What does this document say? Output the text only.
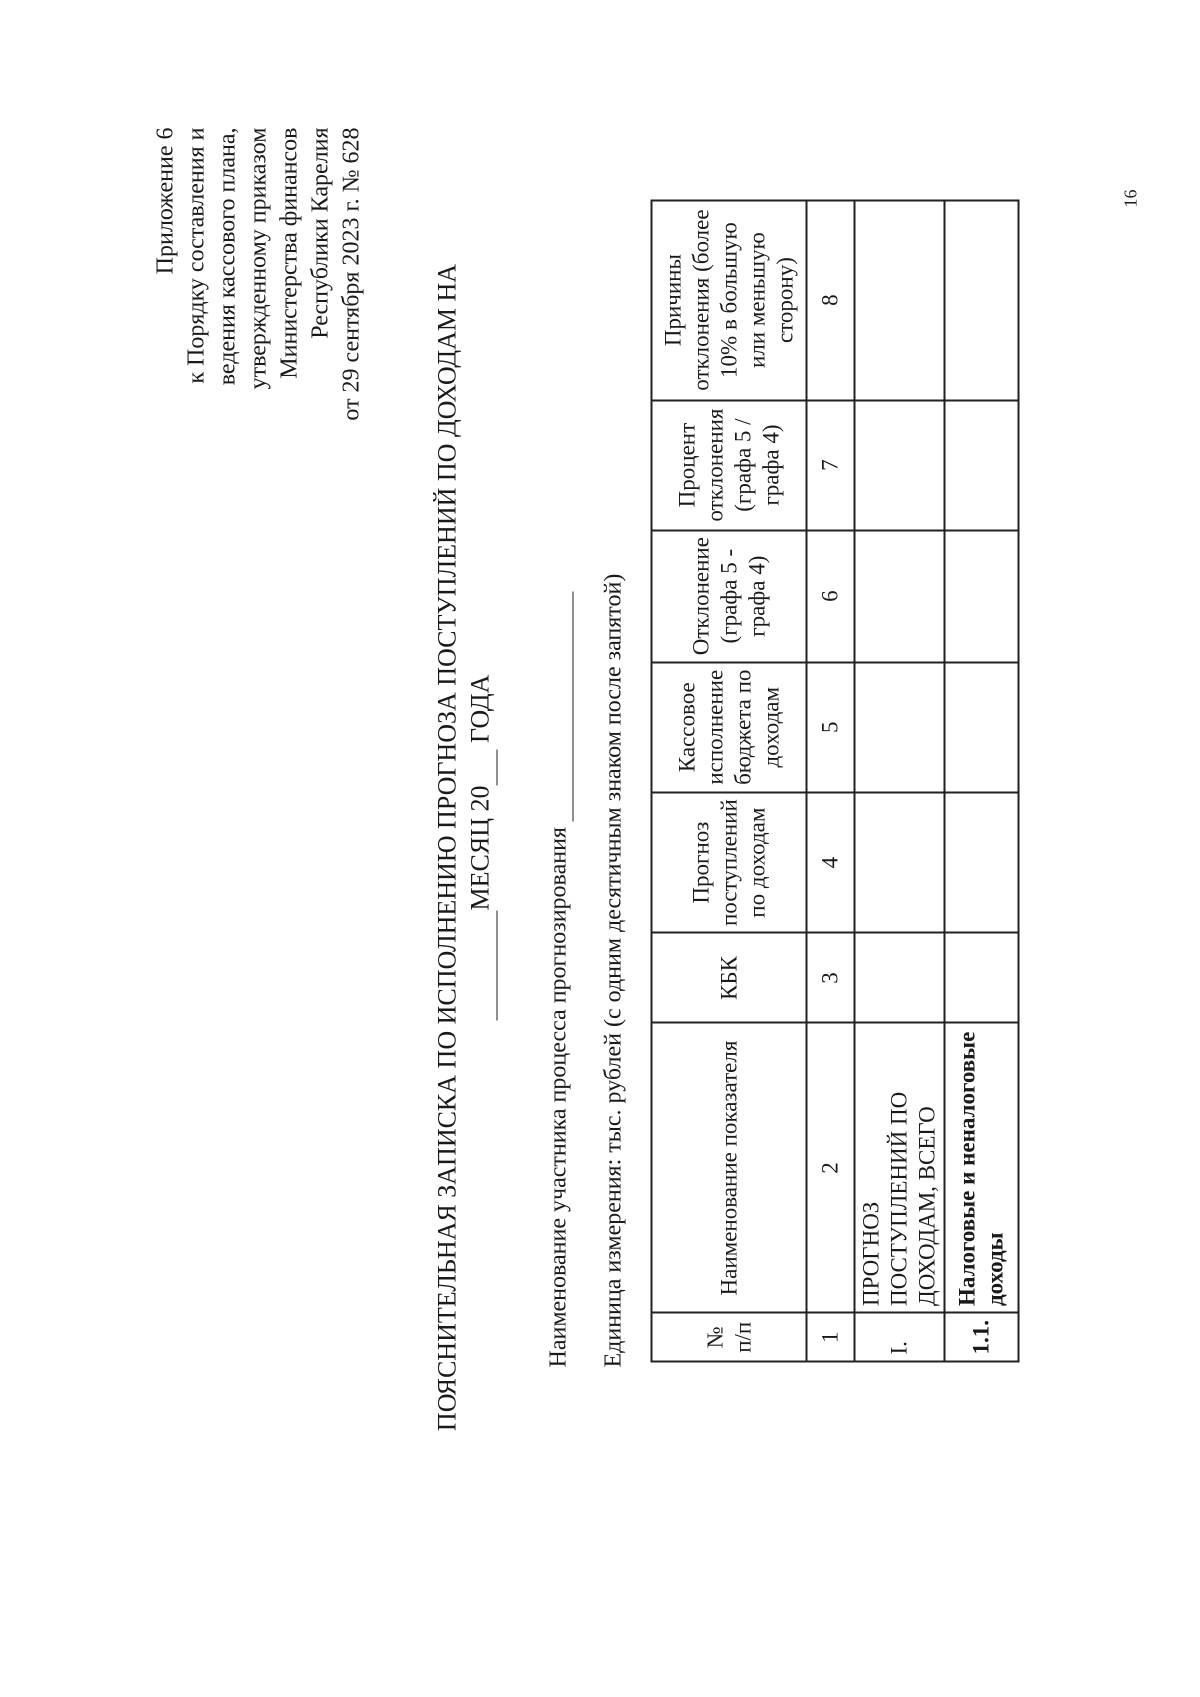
Приложение 6 к Порядку составления и ведения кассового плана, утвержденному приказом Министерства финансов Республики Карелия от 29 сентября 2023 г. № 628	ПОЯСНИТЕЛЬНАЯ ЗАПИСКА ПО ИСПОЛНЕНИЮ ПРОГНОЗА ПОСТУПЛЕНИЙ ПО ДОХОДАМ НА МЕСЯЦ 20  ГОДА
Наименование участника процесса прогнозирования Единица измерения: тыс. рублей (с одним десятичным знаком после запятой)	№ п/п	Наименование показателя	КБК	Прогноз поступлений по доходам	Кассовое исполнение бюджета по доходам	Отклонение (графа 5 - графа 4)	Процент отклонения (графа 5 / графа 4)	Причины отклонения (более 10% в большую или меньшую сторону)
1	2	3	4	5	6	7	8
I.	ПРОГНОЗ ПОСТУПЛЕНИЙ ПО ДОХОДАМ, ВСЕГО						
1.1.	Налоговые и неналоговые доходы						
16
